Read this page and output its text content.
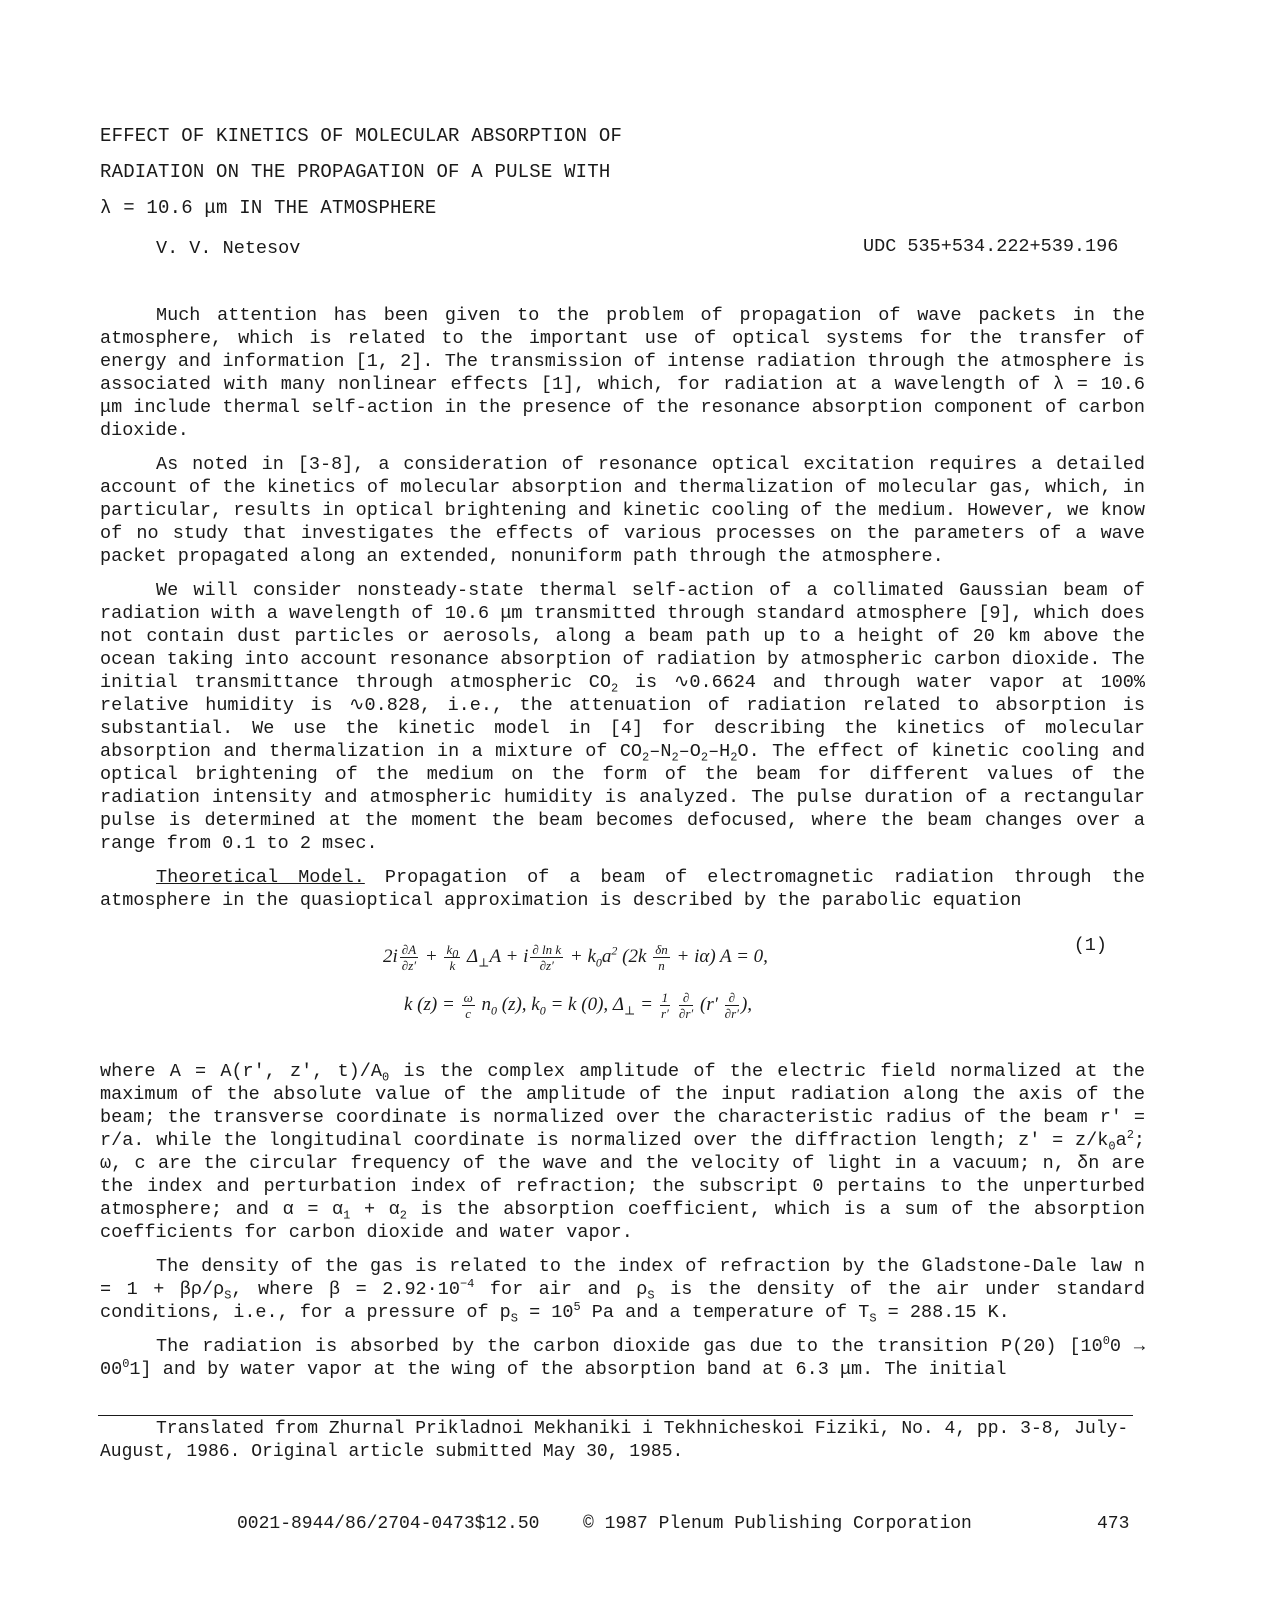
EFFECT OF KINETICS OF MOLECULAR ABSORPTION OF
RADIATION ON THE PROPAGATION OF A PULSE WITH
λ = 10.6 μm IN THE ATMOSPHERE
V. V. Netesov	UDC 535+534.222+539.196

Much attention has been given to the problem of propagation of wave packets in the atmosphere, which is related to the important use of optical systems for the transfer of energy and information [1, 2]. The transmission of intense radiation through the atmosphere is associated with many nonlinear effects [1], which, for radiation at a wavelength of λ = 10.6 μm include thermal self-action in the presence of the resonance absorption component of carbon dioxide.

As noted in [3-8], a consideration of resonance optical excitation requires a detailed account of the kinetics of molecular absorption and thermalization of molecular gas, which, in particular, results in optical brightening and kinetic cooling of the medium. However, we know of no study that investigates the effects of various processes on the parameters of a wave packet propagated along an extended, nonuniform path through the atmosphere.

We will consider nonsteady-state thermal self-action of a collimated Gaussian beam of radiation with a wavelength of 10.6 μm transmitted through standard atmosphere [9], which does not contain dust particles or aerosols, along a beam path up to a height of 20 km above the ocean taking into account resonance absorption of radiation by atmospheric carbon dioxide. The initial transmittance through atmospheric $CO_2$ is ∿0.6624 and through water vapor at 100% relative humidity is ∿0.828, i.e., the attenuation of radiation related to absorption is substantial. We use the kinetic model in [4] for describing the kinetics of molecular absorption and thermalization in a mixture of $CO_2-N_2-O_2-H_2O$. The effect of kinetic cooling and optical brightening of the medium on the form of the beam for different values of the radiation intensity and atmospheric humidity is analyzed. The pulse duration of a rectangular pulse is determined at the moment the beam becomes defocused, where the beam changes over a range from 0.1 to 2 msec.

Theoretical Model. Propagation of a beam of electromagnetic radiation through the atmosphere in the quasioptical approximation is described by the parabolic equation

$2i \frac{\partial A}{\partial z'} + \frac{k_0}{k} \Delta_\perp A + i \frac{\text{∂ ln k}}{\partial z'} + k_0a^2$ $(2k \frac{\delta n}{n} + i\alpha)$ A = 0,
k $(z) = \frac{\omega}{c} n_0$ (z), $k_0 = k$ (0), $\Delta_\perp = \frac{1}{r'}$
$\frac{\partial}{\partial r'} (r' \frac{\partial}{\partial r'}$ ),
(1)

where A = A(r', z', $t)/A_0$ is the complex amplitude of the electric field normalized at the maximum of the absolute value of the amplitude of the input radiation along the axis of the beam; the transverse coordinate is normalized over the characteristic radius of the beam r' = r/a. while the longitudinal coordinate is normalized over the diffraction length; $z' = z/k_0a^2$; ω, c are the circular frequency of the wave and the velocity of light in a vacuum; n, δn are the index and perturbation index of refraction; the subscript 0 pertains to the unperturbed atmosphere; and $\alpha = \alpha_1 + \alpha_2$ is the absorption coefficient, which is a sum of the absorption coefficients for carbon dioxide and water vapor.

The density of the gas is related to the index of refraction by the Gladstone-Dale law $n = 1 + \beta\rho/\rho_S$, where $\beta = 2.92\cdot 10^{-4}$ for air and $\rho_S$ is the density of the air under standard conditions, i.e., for a pressure of $p_S = 10^5$ Pa and a temperature of $T_S = 288.15$ K.

The radiation is absorbed by the carbon dioxide gas due to the transition P(20) $[10^00 \to 00^01]$ and by water vapor at the wing of the absorption band at 6.3 μm. The initial

Translated from Zhurnal Prikladnoi Mekhaniki i Tekhnicheskoi Fiziki, No. 4, pp. 3-8, July-August, 1986. Original article submitted May 30, 1985.

0021-8944/86/2704-0473$12.50 © 1987 Plenum Publishing Corporation	473
